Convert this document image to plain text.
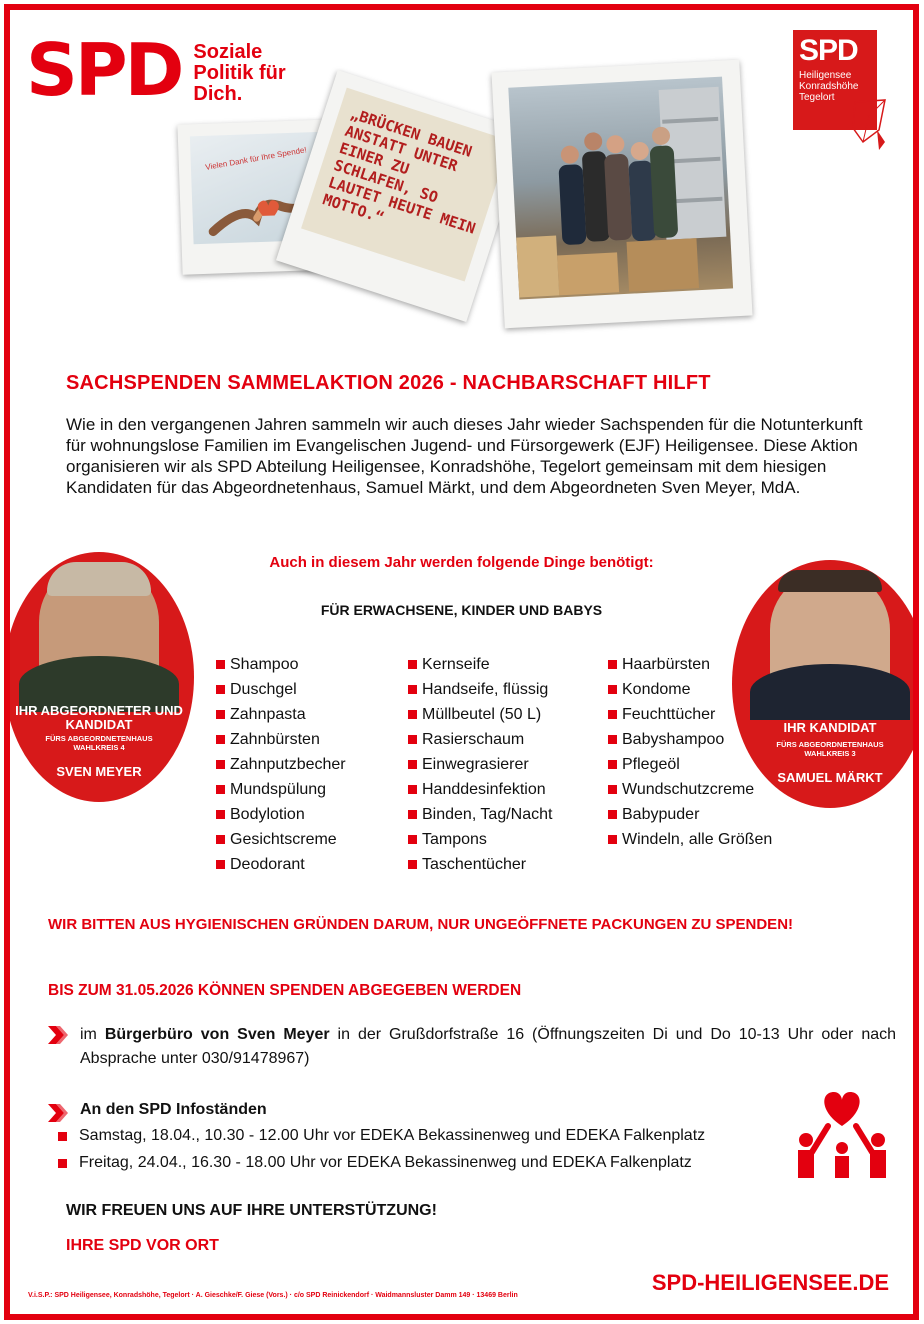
SPD Soziale
Politik für
Dich.
SPD
Heiligensee
Konradshöhe
Tegelort
Vielen Dank für Ihre Spende!	„BRÜCKEN BAUEN ANSTATT UNTER EINER ZU SCHLAFEN, SO LAUTET HEUTE MEIN MOTTO.“
SACHSPENDEN SAMMELAKTION 2026 - NACHBARSCHAFT HILFT
Wie in den vergangenen Jahren sammeln wir auch dieses Jahr wieder Sachspenden für die Notunterkunft für wohnungslose Familien im Evangelischen Jugend- und Fürsorgewerk (EJF) Heiligensee. Diese Aktion organisieren wir als SPD Abteilung Heiligensee, Konradshöhe, Tegelort gemeinsam mit dem hiesigen Kandidaten für das Abgeordnetenhaus, Samuel Märkt, und dem Abgeordneten Sven Meyer, MdA.
Auch in diesem Jahr werden folgende Dinge benötigt:
FÜR ERWACHSENE, KINDER UND BABYS
IHR ABGEORDNETER UND KANDIDAT
FÜRS ABGEORDNETENHAUS
WAHLKREIS 4
SVEN MEYER
IHR KANDIDAT
FÜRS ABGEORDNETENHAUS
WAHLKREIS 3
SAMUEL MÄRKT
Shampoo
Duschgel
Zahnpasta
Zahnbürsten
Zahnputzbecher
Mundspülung
Bodylotion
Gesichtscreme
Deodorant
Kernseife
Handseife, flüssig
Müllbeutel (50 L)
Rasierschaum
Einwegrasierer
Handdesinfektion
Binden, Tag/Nacht
Tampons
Taschentücher
Haarbürsten
Kondome
Feuchttücher
Babyshampoo
Pflegeöl
Wundschutzcreme
Babypuder
Windeln, alle Größen
WIR BITTEN AUS HYGIENISCHEN GRÜNDEN DARUM, NUR UNGEÖFFNETE PACKUNGEN ZU SPENDEN!
BIS ZUM 31.05.2026 KÖNNEN SPENDEN ABGEGEBEN WERDEN
im Bürgerbüro von Sven Meyer in der Grußdorfstraße 16 (Öffnungszeiten Di und Do 10-13 Uhr oder nach Absprache unter 030/91478967)
An den SPD Infoständen
Samstag, 18.04., 10.30 - 12.00 Uhr vor EDEKA Bekassinenweg und EDEKA Falkenplatz
Freitag, 24.04., 16.30 - 18.00 Uhr vor EDEKA Bekassinenweg und EDEKA Falkenplatz
WIR FREUEN UNS AUF IHRE UNTERSTÜTZUNG!
IHRE SPD VOR ORT
V.i.S.P.: SPD Heiligensee, Konradshöhe, Tegelort · A. Gieschke/F. Giese (Vors.) · c/o SPD Reinickendorf · Waidmannsluster Damm 149 · 13469 Berlin
SPD-HEILIGENSEE.DE
